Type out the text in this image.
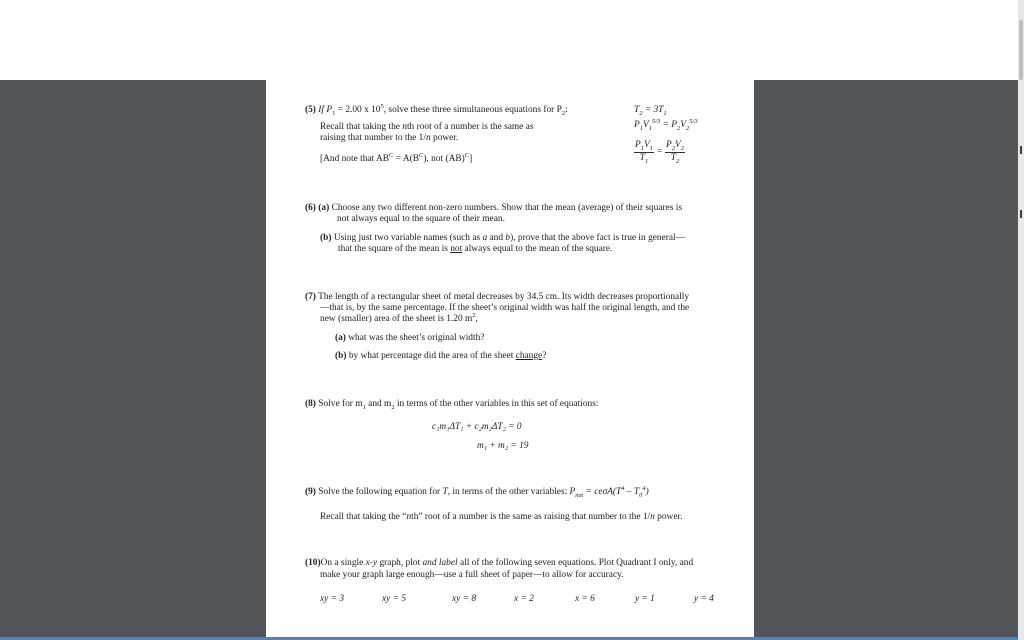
(5) If $P_1 = 2.00$ x $10^5$, solve these three simultaneous equations for $P_2$:
Recall that taking the nth root of a number is the same as
raising that number to the 1/n power.
[And note that $AB^C = A(B^C)$, not (AB)$^C$]
$T_2 = 3T_1$
$P_1V_1^{5/3} = P_2V_2^{5/3}$
$\frac{P_1V_1}{T_1} = \frac{P_2V_2}{T_2}$
(6) (a) Choose any two different non-zero numbers. Show that the mean (average) of their squares is
not always equal to the square of their mean.
(b) Using just two variable names (such as a and b), prove that the above fact is true in general—
that the square of the mean is not always equal to the mean of the square.
(7) The length of a rectangular sheet of metal decreases by 34.5 cm. Its width decreases proportionally
—that is, by the same percentage. If the sheet’s original width was half the original length, and the
new (smaller) area of the sheet is 1.20 $m^2$,
(a) what was the sheet’s original width?
(b) by what percentage did the area of the sheet change?
(8) Solve for $m_1$ and $m_2$ in terms of the other variables in this set of equations:
c₁m₁ΔT₁ + c₂m₂ΔT₂ = 0
m₁ + m₂ = 19
(9) Solve the following equation for T, in terms of the other variables: $P_{net} = ce\sigma A(T^4 - T_0^4)$
Recall that taking the “nth” root of a number is the same as raising that number to the 1/n power.
(10)On a single x-y graph, plot and label all of the following seven equations. Plot Quadrant I only, and
make your graph large enough—use a full sheet of paper—to allow for accuracy.
xy = 3	xy = 5	xy = 8	x = 2	x = 6	y = 1	y = 4
